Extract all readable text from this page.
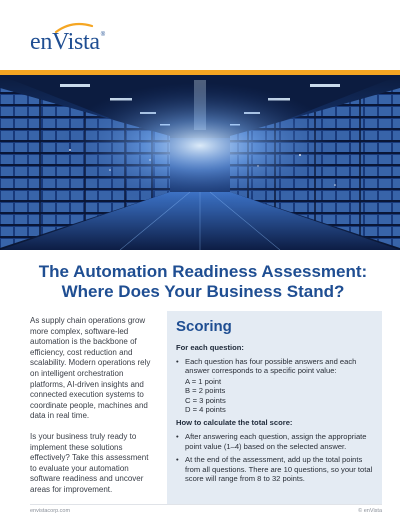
enVista ®
The Automation Readiness Assessment:
Where Does Your Business Stand?

As supply chain operations grow more complex, software-led automation is the backbone of efficiency, cost reduction and scalability. Modern operations rely on intelligent orchestration platforms, AI-driven insights and connected execution systems to coordinate people, machines and data in real time.

Is your business truly ready to implement these solutions effectively? Take this assessment to evaluate your automation software readiness and uncover areas for improvement.

Scoring
For each question:
• Each question has four possible answers and each answer corresponds to a specific point value:
A = 1 point
B = 2 points
C = 3 points
D = 4 points
How to calculate the total score:
• After answering each question, assign the appropriate point value (1–4) based on the selected answer.
• At the end of the assessment, add up the total points from all questions. There are 10 questions, so your total score will range from 8 to 32 points.
envistacorp.com	© enVista
